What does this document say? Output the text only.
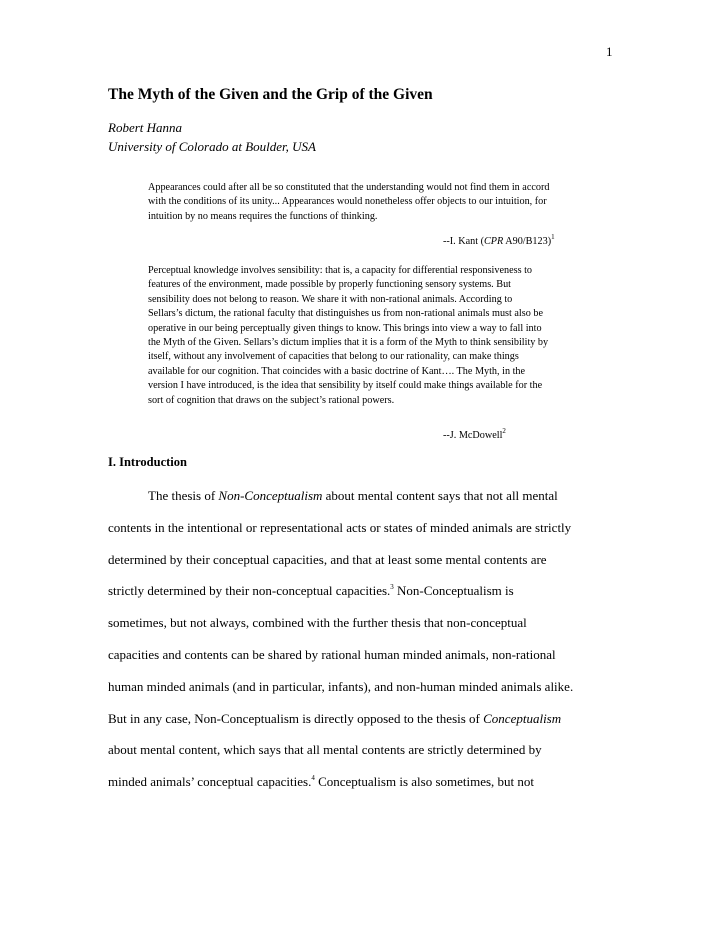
1
The Myth of the Given and the Grip of the Given
Robert Hanna
University of Colorado at Boulder, USA
Appearances could after all be so constituted that the understanding would not find them in accord
with the conditions of its unity... Appearances would nonetheless offer objects to our intuition, for
intuition by no means requires the functions of thinking.
--I. Kant (CPR A90/B123)$^1$
Perceptual knowledge involves sensibility: that is, a capacity for differential responsiveness to
features of the environment, made possible by properly functioning sensory systems. But
sensibility does not belong to reason. We share it with non-rational animals. According to
Sellars’s dictum, the rational faculty that distinguishes us from non-rational animals must also be
operative in our being perceptually given things to know. This brings into view a way to fall into
the Myth of the Given. Sellars’s dictum implies that it is a form of the Myth to think sensibility by
itself, without any involvement of capacities that belong to our rationality, can make things
available for our cognition. That coincides with a basic doctrine of Kant…. The Myth, in the
version I have introduced, is the idea that sensibility by itself could make things available for the
sort of cognition that draws on the subject’s rational powers.
--J. McDowell$^2$
I. Introduction
The thesis of Non-Conceptualism about mental content says that not all mental
contents in the intentional or representational acts or states of minded animals are strictly
determined by their conceptual capacities, and that at least some mental contents are
strictly determined by their non-conceptual capacities.$^3$ Non-Conceptualism is
sometimes, but not always, combined with the further thesis that non-conceptual
capacities and contents can be shared by rational human minded animals, non-rational
human minded animals (and in particular, infants), and non-human minded animals alike.
But in any case, Non-Conceptualism is directly opposed to the thesis of Conceptualism
about mental content, which says that all mental contents are strictly determined by
minded animals’ conceptual capacities.$^4$ Conceptualism is also sometimes, but not
